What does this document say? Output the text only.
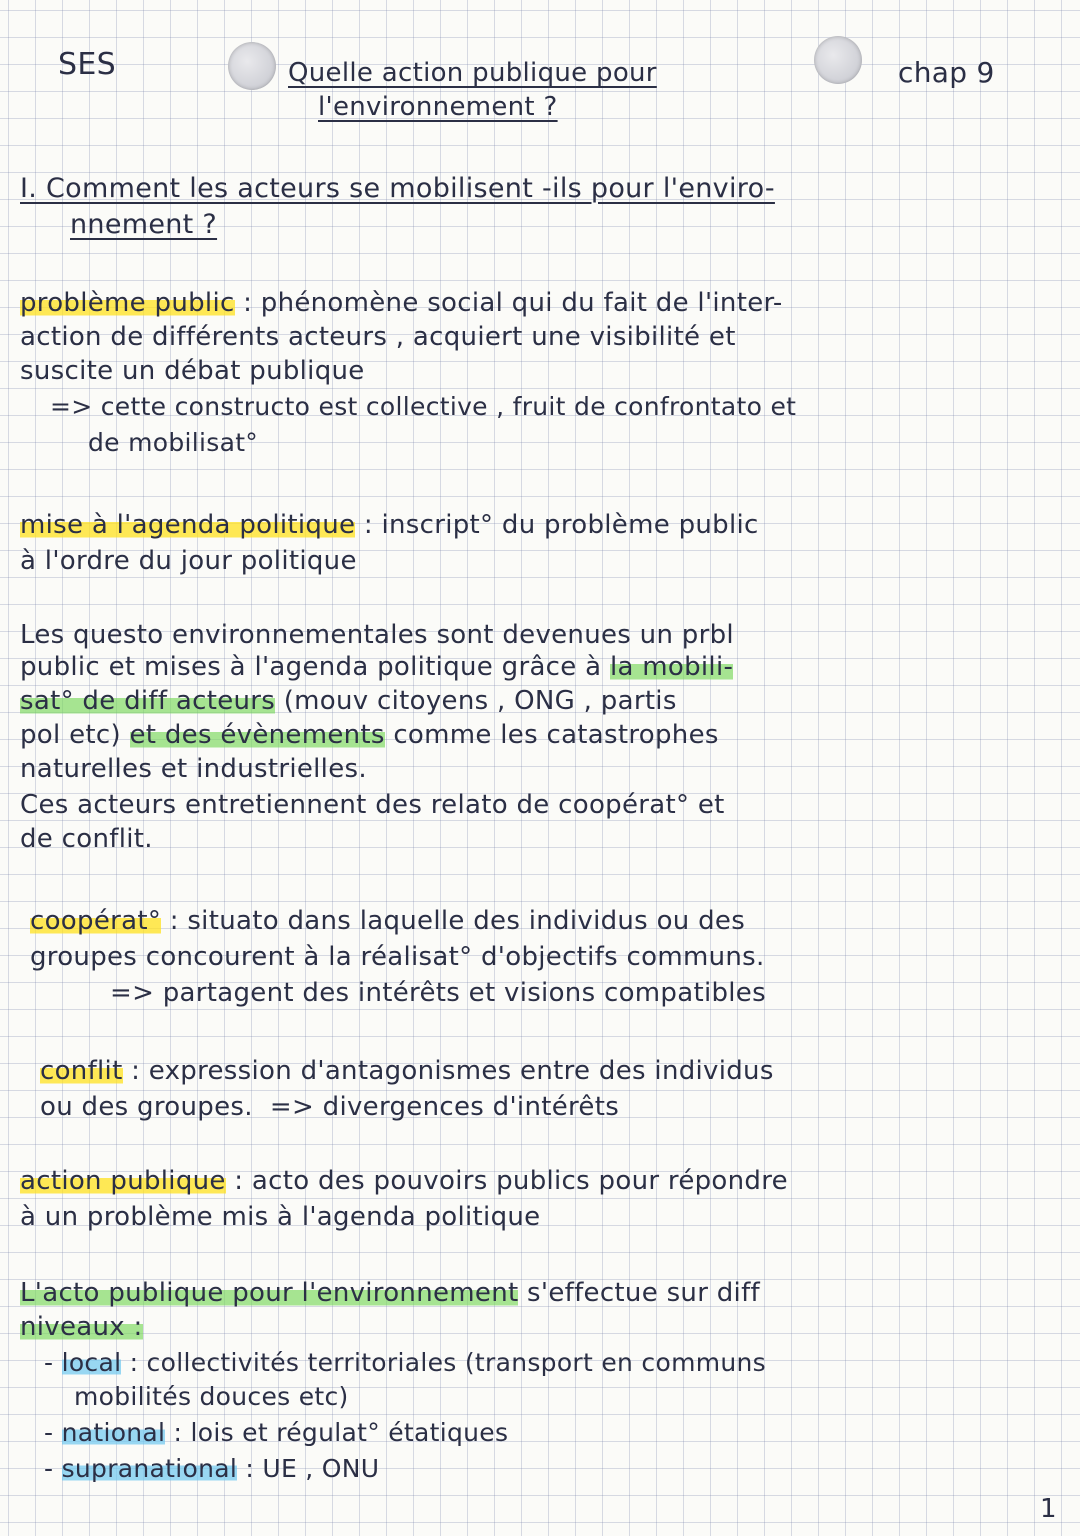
SES	Quelle action publique pour

l'environnement ?

chap 9

I. Comment les acteurs se mobilisent -ils pour l'enviro-

nnement ?

problème public : phénomène social qui du fait de l'inter-

action de différents acteurs , acquiert une visibilité et

suscite un débat publique

=> cette constructo est collective , fruit de confrontato et

de mobilisat°

mise à l'agenda politique : inscript° du problème public

à l'ordre du jour politique

Les questo environnementales sont devenues un prbl

public et mises à l'agenda politique grâce à la mobili-

sat° de diff acteurs (mouv citoyens , ONG , partis

pol etc) et des évènements comme les catastrophes

naturelles et industrielles.

Ces acteurs entretiennent des relato de coopérat° et

de conflit.

coopérat° : situato dans laquelle des individus ou des

groupes concourent à la réalisat° d'objectifs communs.

=> partagent des intérêts et visions compatibles

conflit : expression d'antagonismes entre des individus

ou des groupes.  => divergences d'intérêts

action publique : acto des pouvoirs publics pour répondre

à un problème mis à l'agenda politique

L'acto publique pour l'environnement s'effectue sur diff

niveaux :

- local : collectivités territoriales (transport en communs

mobilités douces etc)

- national : lois et régulat° étatiques

- supranational : UE , ONU

1
